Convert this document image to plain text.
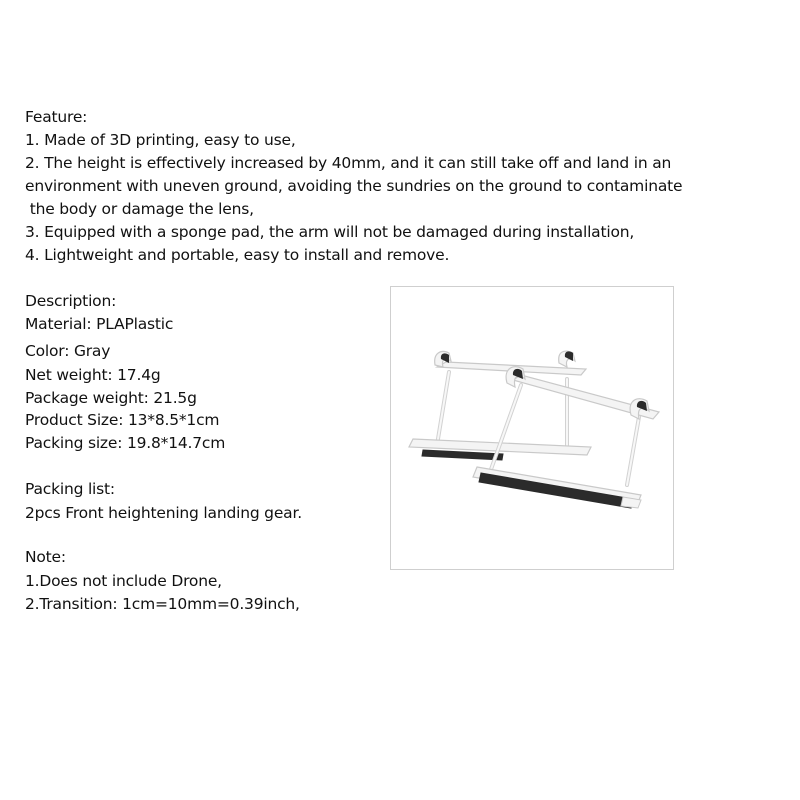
Feature:
1. Made of 3D printing, easy to use,
2. The height is effectively increased by 40mm, and it can still take off and land in an
environment with uneven ground, avoiding the sundries on the ground to contaminate
the body or damage the lens,
3. Equipped with a sponge pad, the arm will not be damaged during installation,
4. Lightweight and portable, easy to install and remove.
Description:
Material: PLAPlastic
Color: Gray
Net weight: 17.4g
Package weight: 21.5g
Product Size: 13*8.5*1cm
Packing size: 19.8*14.7cm
Packing list:
2pcs Front heightening landing gear.
Note:
1.Does not include Drone,
2.Transition: 1cm=10mm=0.39inch,
